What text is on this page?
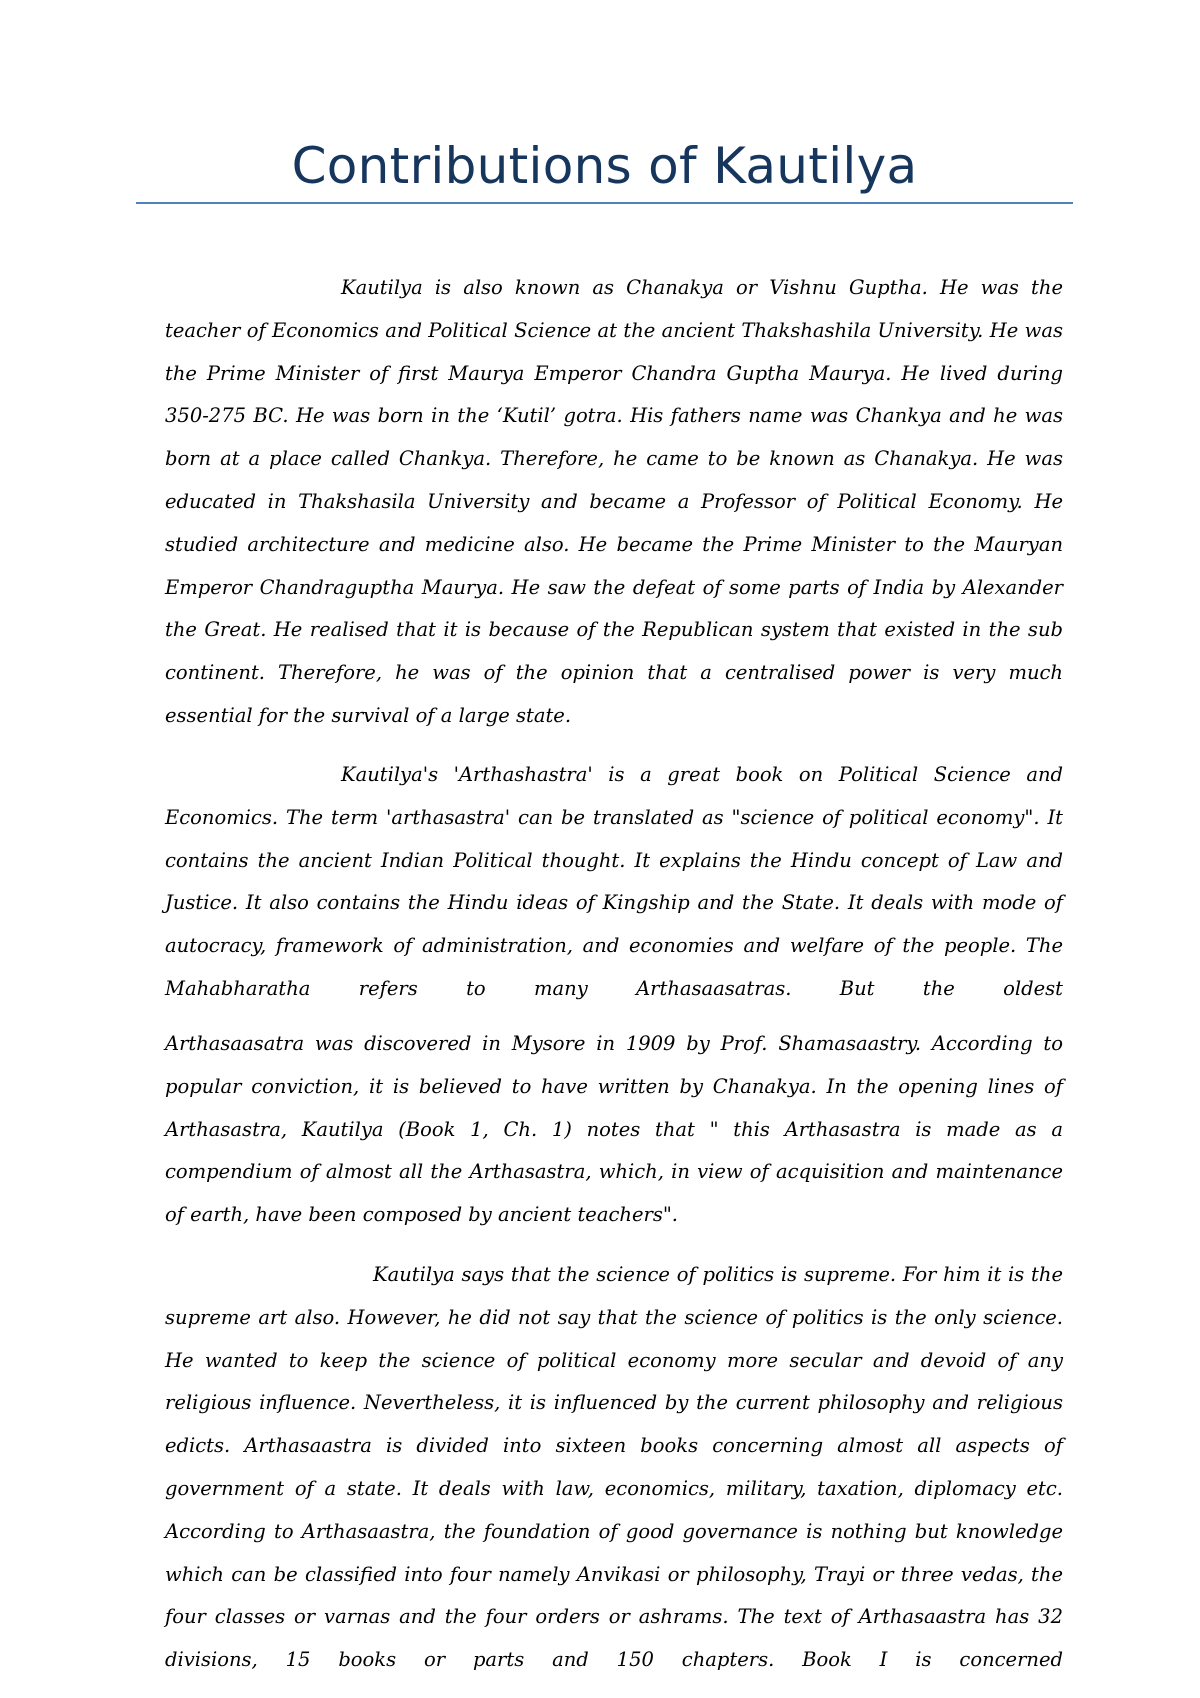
Contributions of Kautilya

Kautilya is also known as Chanakya or Vishnu Guptha. He was the teacher of Economics and Political Science at the ancient Thakshashila University. He was the Prime Minister of first Maurya Emperor Chandra Guptha Maurya. He lived during 350-275 BC. He was born in the ‘Kutil’ gotra. His fathers name was Chankya and he was born at a place called Chankya. Therefore, he came to be known as Chanakya. He was educated in Thakshasila University and became a Professor of Political Economy. He studied architecture and medicine also. He became the Prime Minister to the Mauryan Emperor Chandraguptha Maurya. He saw the defeat of some parts of India by Alexander the Great. He realised that it is because of the Republican system that existed in the sub continent. Therefore, he was of the opinion that a centralised power is very much essential for the survival of a large state.

Kautilya's 'Arthashastra' is a great book on Political Science and Economics. The term 'arthasastra' can be translated as "science of political economy". It contains the ancient Indian Political thought. It explains the Hindu concept of Law and Justice. It also contains the Hindu ideas of Kingship and the State. It deals with mode of autocracy, framework of administration, and economies and welfare of the people. The Mahabharatha refers to many Arthasaasatras. But the oldest

Arthasaasatra was discovered in Mysore in 1909 by Prof. Shamasaastry. According to popular conviction, it is believed to have written by Chanakya. In the opening lines of Arthasastra, Kautilya (Book 1, Ch. 1) notes that " this Arthasastra is made as a compendium of almost all the Arthasastra, which, in view of acquisition and maintenance of earth, have been composed by ancient teachers".

Kautilya says that the science of politics is supreme. For him it is the supreme art also. However, he did not say that the science of politics is the only science. He wanted to keep the science of political economy more secular and devoid of any religious influence. Nevertheless, it is influenced by the current philosophy and religious edicts. Arthasaastra is divided into sixteen books concerning almost all aspects of government of a state. It deals with law, economics, military, taxation, diplomacy etc. According to Arthasaastra, the foundation of good governance is nothing but knowledge which can be classified into four namely Anvikasi or philosophy, Trayi or three vedas, the four classes or varnas and the four orders or ashrams. The text of Arthasaastra has 32 divisions, 15 books or parts and 150 chapters. Book I is concerned
